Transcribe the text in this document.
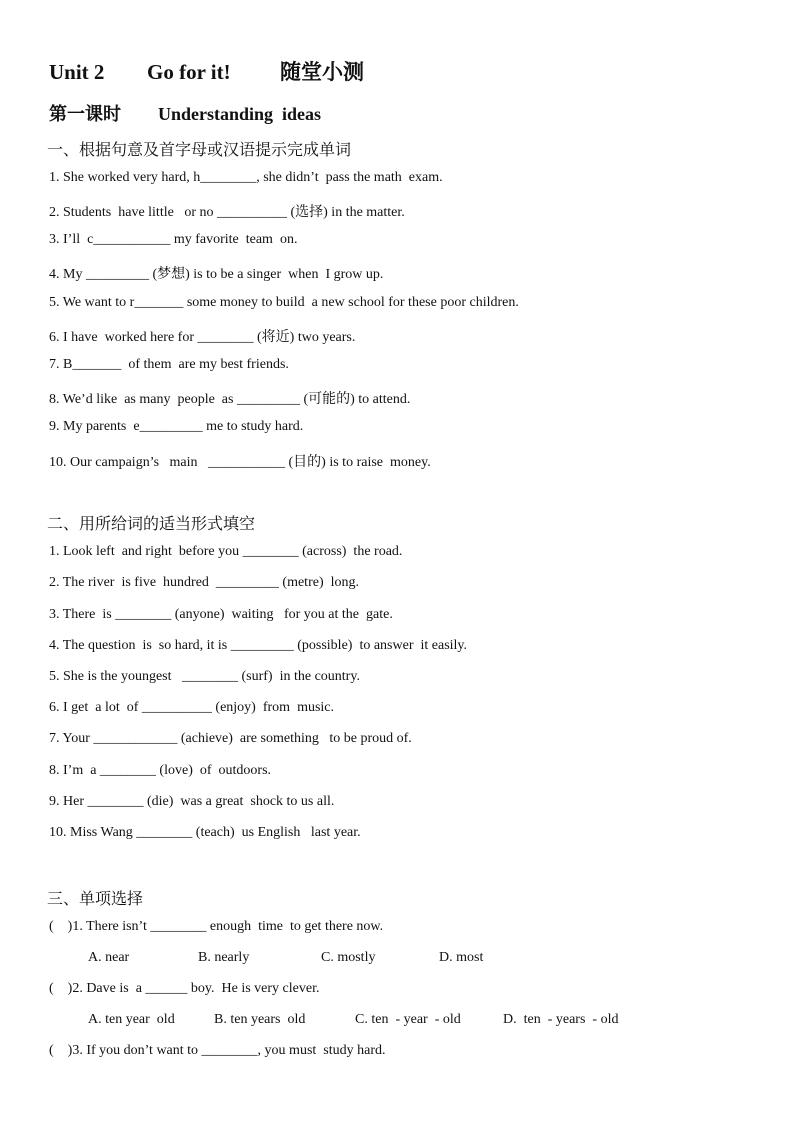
Unit 2 Go for it! 随堂小测
第一课时 Understanding  ideas
一、根据句意及首字母或汉语提示完成单词
1. She worked very hard, h________, she didn’t  pass the math  exam.
2. Students  have little   or no __________ (选择) in the matter.
3. I’ll  c___________ my favorite  team  on.
4. My _________ (梦想) is to be a singer  when  I grow up.
5. We want to r_______ some money to build  a new school for these poor children.
6. I have  worked here for ________ (将近) two years.
7. B_______  of them  are my best friends.
8. We’d like  as many  people  as _________ (可能的) to attend.
9. My parents  e_________ me to study hard.
10. Our campaign’s   main   ___________ (目的) is to raise  money.
二、用所给词的适当形式填空
1. Look left  and right  before you ________ (across)  the road.
2. The river  is five  hundred  _________ (metre)  long.
3. There  is ________ (anyone)  waiting   for you at the  gate.
4. The question  is  so hard, it is _________ (possible)  to answer  it easily.
5. She is the youngest   ________ (surf)  in the country.
6. I get  a lot  of __________ (enjoy)  from  music.
7. Your ____________ (achieve)  are something   to be proud of.
8. I’m  a ________ (love)  of  outdoors.
9. Her ________ (die)  was a great  shock to us all.
10. Miss Wang ________ (teach)  us English   last year.
三、单项选择
(    )1. There isn’t ________ enough  time  to get there now.

A. near

	B. nearly

	C. mostly

	D. most

(    )2. Dave is  a ______ boy.  He is very clever.

A. ten year  old

	B. ten years  old

	C. ten  - year  - old

	D.  ten  - years  - old

(    )3. If you don’t want to ________, you must  study hard.
